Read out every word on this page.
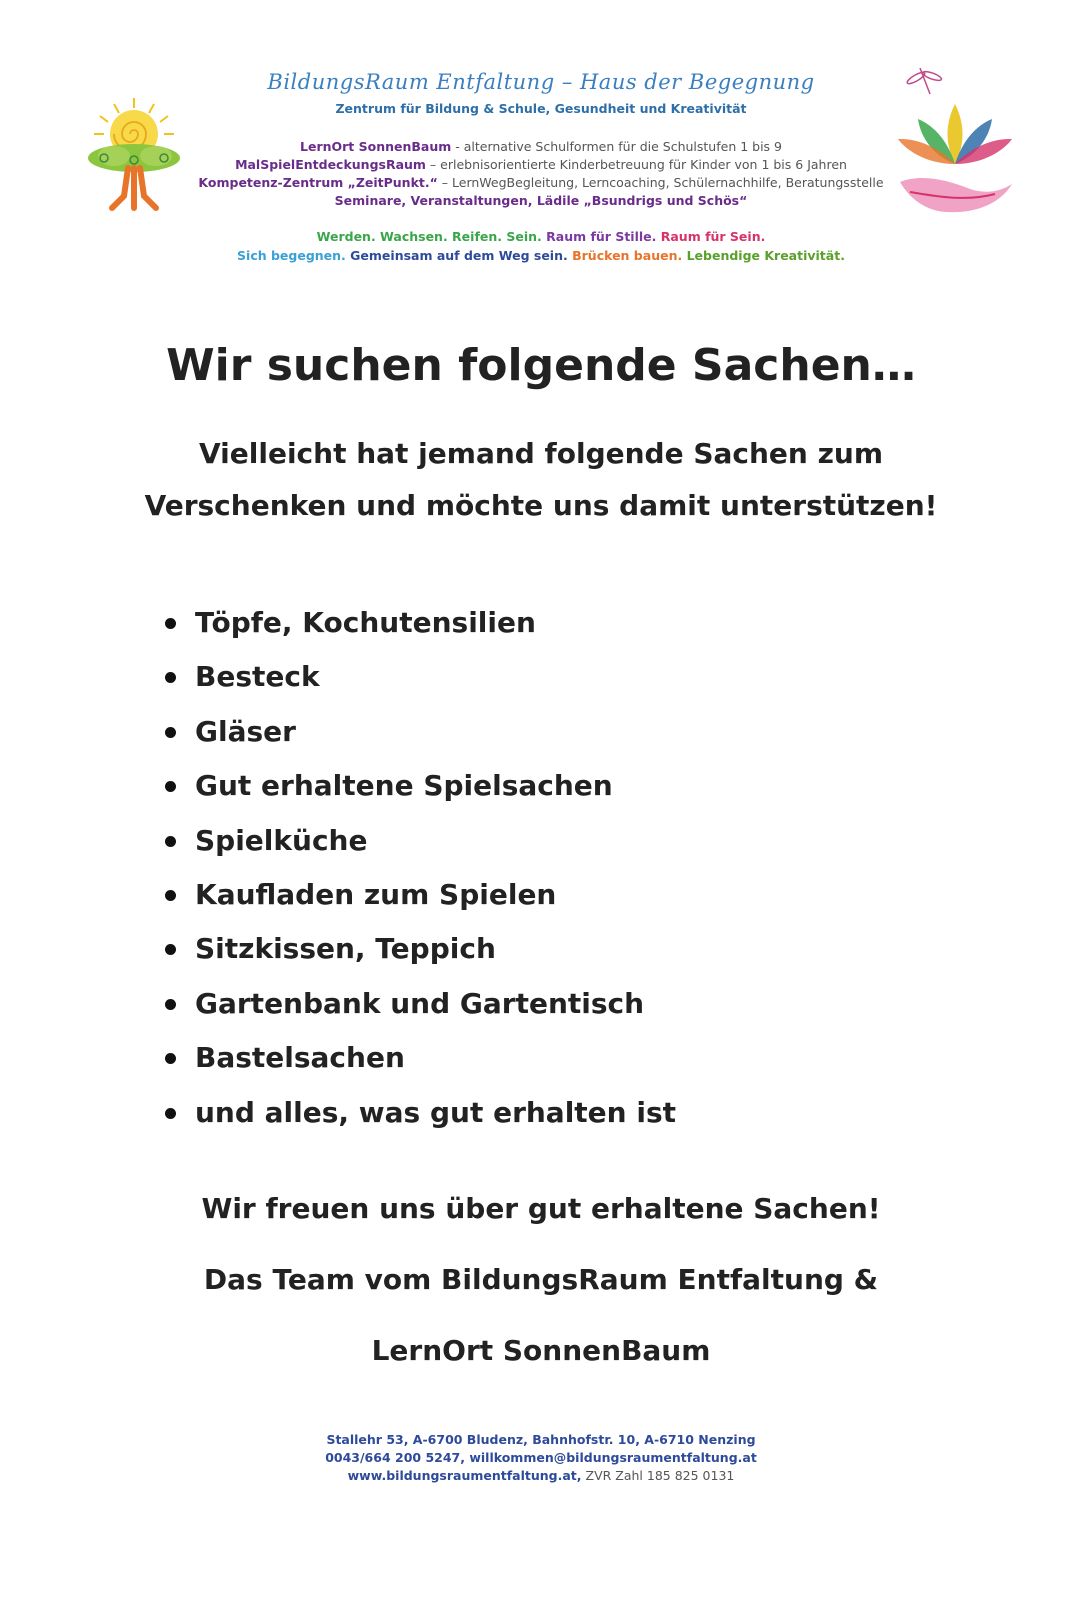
BildungsRaum Entfaltung – Haus der Begegnung
Zentrum für Bildung & Schule, Gesundheit und Kreativität
LernOrt SonnenBaum - alternative Schulformen für die Schulstufen 1 bis 9
MalSpielEntdeckungsRaum – erlebnisorientierte Kinderbetreuung für Kinder von 1 bis 6 Jahren
Kompetenz-Zentrum „ZeitPunkt.“ – LernWegBegleitung, Lerncoaching, Schülernachhilfe, Beratungsstelle
Seminare, Veranstaltungen, Lädile „Bsundrigs und Schös“
Werden. Wachsen. Reifen. Sein. Raum für Stille. Raum für Sein.
Sich begegnen. Gemeinsam auf dem Weg sein. Brücken bauen. Lebendige Kreativität.
Wir suchen folgende Sachen…
Vielleicht hat jemand folgende Sachen zum
Verschenken und möchte uns damit unterstützen!
Töpfe, Kochutensilien
Besteck
Gläser
Gut erhaltene Spielsachen
Spielküche
Kaufladen zum Spielen
Sitzkissen, Teppich
Gartenbank und Gartentisch
Bastelsachen
und alles, was gut erhalten ist
Wir freuen uns über gut erhaltene Sachen!
Das Team vom BildungsRaum Entfaltung &
LernOrt SonnenBaum
Stallehr 53, A-6700 Bludenz, Bahnhofstr. 10, A-6710 Nenzing
0043/664 200 5247, willkommen@bildungsraumentfaltung.at
www.bildungsraumentfaltung.at, ZVR Zahl 185 825 0131
